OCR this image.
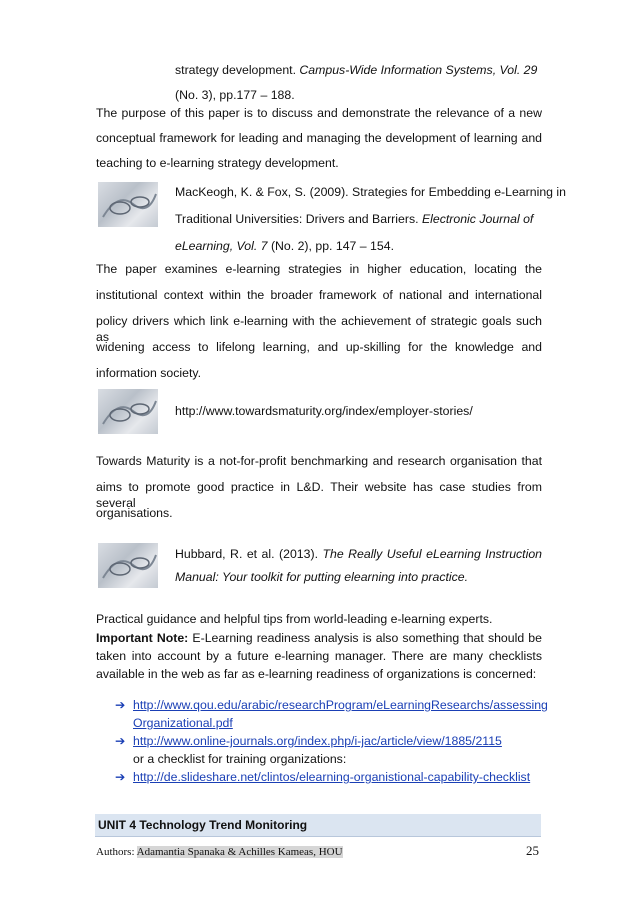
strategy development. Campus-Wide Information Systems, Vol. 29
(No. 3), pp.177 – 188.
The purpose of this paper is to discuss and demonstrate the relevance of a new
conceptual framework for leading and managing the development of learning and
teaching to e-learning strategy development.
MacKeogh, K. & Fox, S. (2009). Strategies for Embedding e-Learning in
Traditional Universities: Drivers and Barriers. Electronic Journal of
eLearning, Vol. 7 (No. 2), pp. 147 – 154.
The paper examines e-learning strategies in higher education, locating the
institutional context within the broader framework of national and international
policy drivers which link e-learning with the achievement of strategic goals such as
widening access to lifelong learning, and up-skilling for the knowledge and
information society.
http://www.towardsmaturity.org/index/employer-stories/
Towards Maturity is a not-for-profit benchmarking and research organisation that
aims to promote good practice in L&D. Their website has case studies from several
organisations.
Hubbard, R. et al. (2013). The Really Useful eLearning Instruction
Manual: Your toolkit for putting elearning into practice.
Practical guidance and helpful tips from world-leading e-learning experts.
Important Note: E-Learning readiness analysis is also something that should be
taken into account by a future e-learning manager. There are many checklists
available in the web as far as e-learning readiness of organizations is concerned:
➔ http://www.qou.edu/arabic/researchProgram/eLearningResearchs/assessing
Organizational.pdf
➔ http://www.online-journals.org/index.php/i-jac/article/view/1885/2115
or a checklist for training organizations:
➔ http://de.slideshare.net/clintos/elearning-organistional-capability-checklist
UNIT 4 Technology Trend Monitoring
Authors: Adamantia Spanaka & Achilles Kameas, HOU	25
